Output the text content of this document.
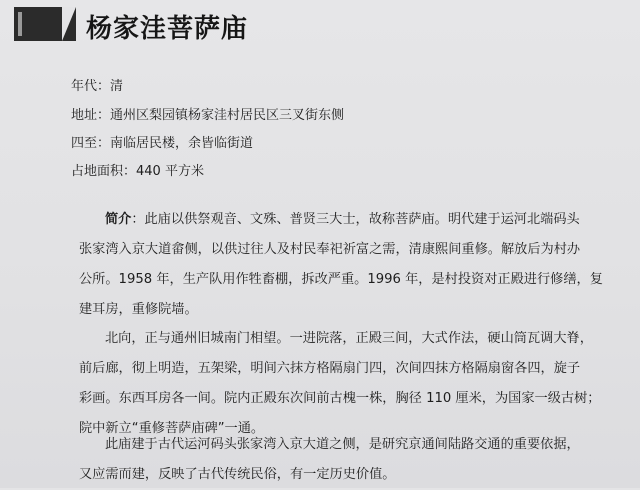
杨家洼菩萨庙
年代：清
地址：通州区梨园镇杨家洼村居民区三叉街东侧
四至：南临居民楼，余皆临街道
占地面积：440 平方米
简介：此庙以供祭观音、文殊、普贤三大士，故称菩萨庙。明代建于运河北端码头
张家湾入京大道畲侧，以供过往人及村民奉祀祈富之需，清康熙间重修。解放后为村办
公所。1958 年，生产队用作牲畜棚，拆改严重。1996 年，是村投资对正殿进行修缮，复
建耳房，重修院墙。
北向，正与通州旧城南门相望。一进院落，正殿三间，大式作法，硬山筒瓦调大脊，
前后廊，彻上明造，五架梁，明间六抹方格隔扇门四，次间四抹方格隔扇窗各四，旋子
彩画。东西耳房各一间。院内正殿东次间前古槐一株，胸径 110 厘米，为国家一级古树；
院中新立“重修菩萨庙碑”一通。
此庙建于古代运河码头张家湾入京大道之侧，是研究京通间陆路交通的重要依据，
又应需而建，反映了古代传统民俗，有一定历史价值。
